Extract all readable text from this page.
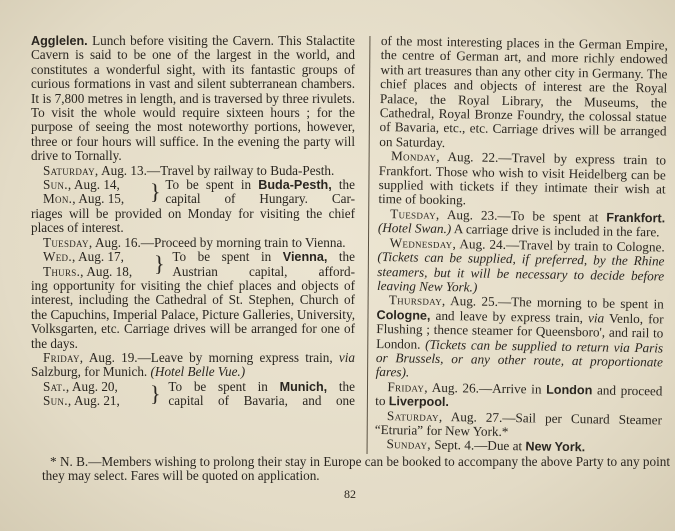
Agglelen. Lunch before visiting the Cavern. This Stalactite Cavern is said to be one of the largest in the world, and constitutes a wonderful sight, with its fantastic groups of curious formations in vast and silent subterranean chambers. It is 7,800 metres in length, and is traversed by three rivulets. To visit the whole would require sixteen hours ; for the purpose of seeing the most noteworthy portions, however, three or four hours will suffice. In the evening the party will drive to Tornally.

Saturday, Aug. 13.—Travel by railway to Buda-Pesth.

Sun., Aug. 14,
Mon., Aug. 15,	}	To be spent in Buda-Pesth, the
capital of Hungary. Car-

riages will be provided on Monday for visiting the chief places of interest.

Tuesday, Aug. 16.—Proceed by morning train to Vienna.

Wed., Aug. 17,
Thurs., Aug. 18,	}	To be spent in Vienna, the
Austrian capital, afford-

ing opportunity for visiting the chief places and objects of interest, including the Cathedral of St. Stephen, Church of the Capuchins, Imperial Palace, Picture Galleries, University, Volksgarten, etc. Carriage drives will be arranged for one of the days.

Friday, Aug. 19.—Leave by morning express train, via Salzburg, for Munich. (Hotel Belle Vue.)

Sat., Aug. 20,
Sun., Aug. 21,	}	To be spent in Munich, the
capital of Bavaria, and one

of the most interesting places in the German Empire, the centre of German art, and more richly endowed with art treasures than any other city in Germany. The chief places and objects of interest are the Royal Palace, the Royal Library, the Museums, the Cathedral, Royal Bronze Foundry, the colossal statue of Bavaria, etc., etc. Carriage drives will be arranged on Saturday.

Monday, Aug. 22.—Travel by express train to Frankfort. Those who wish to visit Heidelberg can be supplied with tickets if they intimate their wish at time of booking.

Tuesday, Aug. 23.—To be spent at Frankfort. (Hotel Swan.) A carriage drive is included in the fare.

Wednesday, Aug. 24.—Travel by train to Cologne. (Tickets can be supplied, if preferred, by the Rhine steamers, but it will be necessary to decide before leaving New York.)

Thursday, Aug. 25.—The morning to be spent in Cologne, and leave by express train, via Venlo, for Flushing ; thence steamer for Queensboro', and rail to London. (Tickets can be supplied to return via Paris or Brussels, or any other route, at proportionate fares).

Friday, Aug. 26.—Arrive in London and proceed to Liverpool.

Saturday, Aug. 27.—Sail per Cunard Steamer “Etruria” for New York.*

Sunday, Sept. 4.—Due at New York.

* N. B.—Members wishing to prolong their stay in Europe can be booked to accompany the above Party to any point they may select. Fares will be quoted on application.
82
